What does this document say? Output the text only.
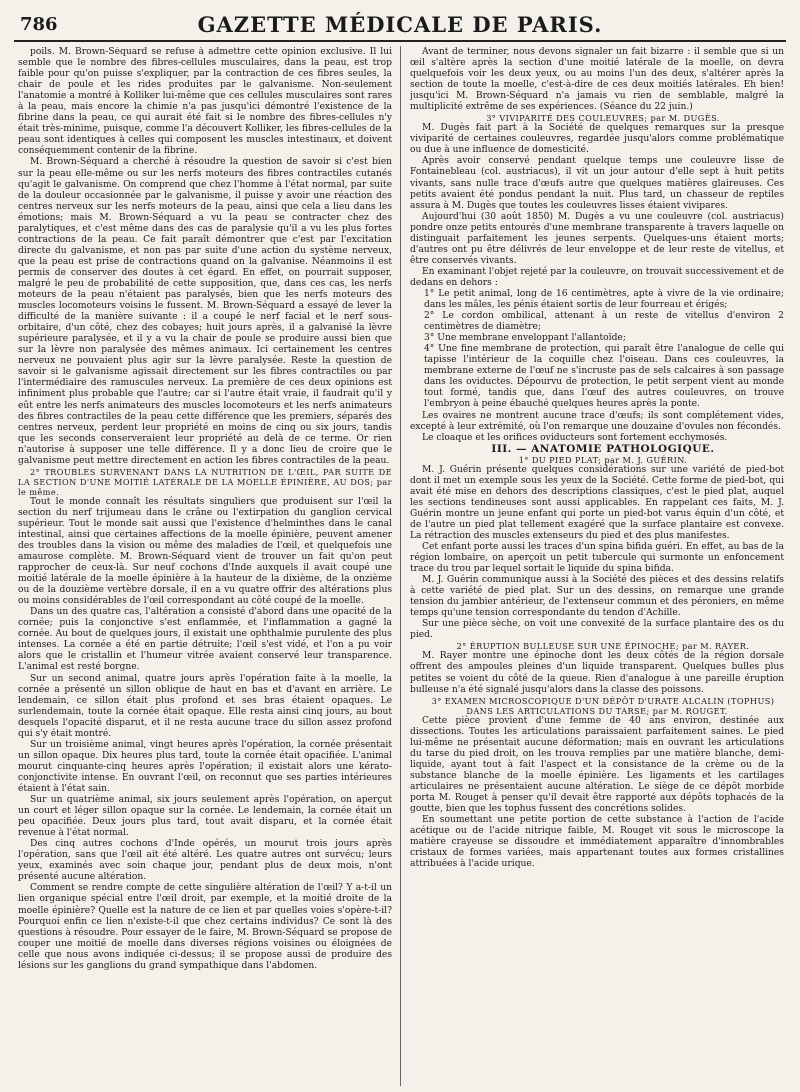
786	GAZETTE MÉDICALE DE PARIS.

poils. M. Brown-Séquard se refuse à admettre cette opinion exclusive. Il lui semble que le nombre des fibres-cellules musculaires, dans la peau, est trop faible pour qu'on puisse s'expliquer, par la contraction de ces fibres seules, la chair de poule et les rides produites par le galvanisme. Non-seulement l'anatomie a montré à Kolliker lui-même que ces cellules musculaires sont rares à la peau, mais encore la chimie n'a pas jusqu'ici démontré l'existence de la fibrine dans la peau, ce qui aurait été fait si le nombre des fibres-cellules n'y était très-minime, puisque, comme l'a découvert Kolliker, les fibres-cellules de la peau sont identiques à celles qui composent les muscles intestinaux, et doivent conséquemment contenir de la fibrine.

M. Brown-Séquard a cherché à résoudre la question de savoir si c'est bien sur la peau elle-même ou sur les nerfs moteurs des fibres contractiles cutanés qu'agit le galvanisme. On comprend que chez l'homme à l'état normal, par suite de la douleur occasionnée par le galvanisme, il puisse y avoir une réaction des centres nerveux sur les nerfs moteurs de la peau, ainsi que cela a lieu dans les émotions; mais M. Brown-Séquard a vu la peau se contracter chez des paralytiques, et c'est même dans des cas de paralysie qu'il a vu les plus fortes contractions de la peau. Ce fait paraît démontrer que c'est par l'excitation directe du galvanisme, et non pas par suite d'une action du système nerveux, que la peau est prise de contractions quand on la galvanise. Néanmoins il est permis de conserver des doutes à cet égard. En effet, on pourrait supposer, malgré le peu de probabilité de cette supposition, que, dans ces cas, les nerfs moteurs de la peau n'étaient pas paralysés, bien que les nerfs moteurs des muscles locomoteurs voisins le fussent. M. Brown-Séquard a essayé de lever la difficulté de la manière suivante : il a coupé le nerf facial et le nerf sous-orbitaire, d'un côté, chez des cobayes; huit jours après, il a galvanisé la lèvre supérieure paralysée, et il y a vu la chair de poule se produire aussi bien que sur la lèvre non paralysée des mêmes animaux. Ici certainement les centres nerveux ne pouvaient plus agir sur la lèvre paralysée. Reste la question de savoir si le galvanisme agissait directement sur les fibres contractiles ou par l'intermédiaire des ramuscules nerveux. La première de ces deux opinions est infiniment plus probable que l'autre; car si l'autre était vraie, il faudrait qu'il y eût entre les nerfs animateurs des muscles locomoteurs et les nerfs animateurs des fibres contractiles de la peau cette différence que les premiers, séparés des centres nerveux, perdent leur propriété en moins de cinq ou six jours, tandis que les seconds conserveraient leur propriété au delà de ce terme. Or rien n'autorise à supposer une telle différence. Il y a donc lieu de croire que le galvanisme peut mettre directement en action les fibres contractiles de la peau.

2° TROUBLES SURVENANT DANS LA NUTRITION DE L'ŒIL, PAR SUITE DE LA SECTION D'UNE MOITIÉ LATÉRALE DE LA MOELLE ÉPINIÈRE, AU DOS; par le même.

Tout le monde connaît les résultats singuliers que produisent sur l'œil la section du nerf trijumeau dans le crâne ou l'extirpation du ganglion cervical supérieur. Tout le monde sait aussi que l'existence d'helminthes dans le canal intestinal, ainsi que certaines affections de la moelle épinière, peuvent amener des troubles dans la vision ou même des maladies de l'œil, et quelquefois une amaurose complète. M. Brown-Séquard vient de trouver un fait qu'on peut rapprocher de ceux-là. Sur neuf cochons d'Inde auxquels il avait coupé une moitié latérale de la moelle épinière à la hauteur de la dixième, de la onzième ou de la douzième vertèbre dorsale, il en a vu quatre offrir des altérations plus ou moins considérables de l'œil correspondant au côté coupé de la moelle.

Dans un des quatre cas, l'altération a consisté d'abord dans une opacité de la cornée; puis la conjonctive s'est enflammée, et l'inflammation a gagné la cornée. Au bout de quelques jours, il existait une ophthalmie purulente des plus intenses. La cornée a été en partie détruite; l'œil s'est vidé, et l'on a pu voir alors que le cristallin et l'humeur vitrée avaient conservé leur transparence. L'animal est resté borgne.

Sur un second animal, quatre jours après l'opération faite à la moelle, la cornée a présenté un sillon oblique de haut en bas et d'avant en arrière. Le lendemain, ce sillon était plus profond et ses bras étaient opaques. Le surlendemain, toute la cornée était opaque. Elle resta ainsi cinq jours, au bout desquels l'opacité disparut, et il ne resta aucune trace du sillon assez profond qui s'y était montré.

Sur un troisième animal, vingt heures après l'opération, la cornée présentait un sillon opaque. Dix heures plus tard, toute la cornée était opacifiée. L'animal mourut cinquante-cinq heures après l'opération; il existait alors une kérato-conjonctivite intense. En ouvrant l'œil, on reconnut que ses parties intérieures étaient à l'état sain.

Sur un quatrième animal, six jours seulement après l'opération, on aperçut un court et léger sillon opaque sur la cornée. Le lendemain, la cornée était un peu opacifiée. Deux jours plus tard, tout avait disparu, et la cornée était revenue à l'état normal.

Des cinq autres cochons d'Inde opérés, un mourut trois jours après l'opération, sans que l'œil ait été altéré. Les quatre autres ont survécu; leurs yeux, examinés avec soin chaque jour, pendant plus de deux mois, n'ont présenté aucune altération.

Comment se rendre compte de cette singulière altération de l'œil? Y a-t-il un lien organique spécial entre l'œil droit, par exemple, et la moitié droite de la moelle épinière? Quelle est la nature de ce lien et par quelles voies s'opère-t-il? Pourquoi enfin ce lien n'existe-t-il que chez certains individus? Ce sont là des questions à résoudre. Pour essayer de le faire, M. Brown-Séquard se propose de couper une moitié de moelle dans diverses régions voisines ou éloignées de celle que nous avons indiquée ci-dessus; il se propose aussi de produire des lésions sur les ganglions du grand sympathique dans l'abdomen.

Avant de terminer, nous devons signaler un fait bizarre : il semble que si un œil s'altère après la section d'une moitié latérale de la moelle, on devra quelquefois voir les deux yeux, ou au moins l'un des deux, s'altérer après la section de toute la moelle, c'est-à-dire de ces deux moitiés latérales. Eh bien! jusqu'ici M. Brown-Séquard n'a jamais vu rien de semblable, malgré la multiplicité extrême de ses expériences. (Séance du 22 juin.)

3° VIVIPARITÉ DES COULEUVRES; par M. DUGÈS.

M. Dugès fait part à la Société de quelques remarques sur la presque viviparité de certaines couleuvres, regardée jusqu'alors comme problématique ou due à une influence de domesticité.

Après avoir conservé pendant quelque temps une couleuvre lisse de Fontainebleau (col. austriacus), il vit un jour autour d'elle sept à huit petits vivants, sans nulle trace d'œufs autre que quelques matières glaireuses. Ces petits avaient été pondus pendant la nuit. Plus tard, un chasseur de reptiles assura à M. Dugès que toutes les couleuvres lisses étaient vivipares.

Aujourd'hui (30 août 1850) M. Dugès a vu une couleuvre (col. austriacus) pondre onze petits entourés d'une membrane transparente à travers laquelle on distinguait parfaitement les jeunes serpents. Quelques-uns étaient morts; d'autres ont pu être délivrés de leur enveloppe et de leur reste de vitellus, et être conservés vivants.

En examinant l'objet rejeté par la couleuvre, on trouvait successivement et de dedans en dehors :

1° Le petit animal, long de 16 centimètres, apte à vivre de la vie ordinaire; dans les mâles, les pénis étaient sortis de leur fourreau et érigés;

2° Le cordon ombilical, attenant à un reste de vitellus d'environ 2 centimètres de diamètre;

3° Une membrane enveloppant l'allantoïde;

4° Une fine membrane de protection, qui paraît être l'analogue de celle qui tapisse l'intérieur de la coquille chez l'oiseau. Dans ces couleuvres, la membrane externe de l'œuf ne s'incruste pas de sels calcaires à son passage dans les oviductes. Dépourvu de protection, le petit serpent vient au monde tout formé, tandis que, dans l'œuf des autres couleuvres, on trouve l'embryon à peine ébauché quelques heures après la ponte.

Les ovaires ne montrent aucune trace d'œufs; ils sont complétement vides, excepté à leur extrémité, où l'on remarque une douzaine d'ovules non fécondés.

Le cloaque et les orifices oviducteurs sont fortement ecchymosés.

III. — ANATOMIE PATHOLOGIQUE.

1° DU PIED PLAT; par M. J. GUÉRIN.

M. J. Guérin présente quelques considérations sur une variété de pied-bot dont il met un exemple sous les yeux de la Société. Cette forme de pied-bot, qui avait été mise en dehors des descriptions classiques, c'est le pied plat, auquel les sections tendineuses sont aussi applicables. En rappelant ces faits, M. J. Guérin montre un jeune enfant qui porte un pied-bot varus équin d'un côté, et de l'autre un pied plat tellement exagéré que la surface plantaire est convexe. La rétraction des muscles extenseurs du pied et des plus manifestes.

Cet enfant porte aussi les traces d'un spina bifida guéri. En effet, au bas de la région lombaire, on aperçoit un petit tubercule qui surmonte un enfoncement trace du trou par lequel sortait le liquide du spina bifida.

M. J. Guérin communique aussi à la Société des pièces et des dessins relatifs à cette variété de pied plat. Sur un des dessins, on remarque une grande tension du jambier antérieur, de l'extenseur commun et des péroniers, en même temps qu'une tension correspondante du tendon d'Achille.

Sur une pièce sèche, on voit une convexité de la surface plantaire des os du pied.

2° ÉRUPTION BULLEUSE SUR UNE ÉPINOCHE; par M. RAYER.

M. Rayer montre une épinoche dont les deux côtés de la région dorsale offrent des ampoules pleines d'un liquide transparent. Quelques bulles plus petites se voient du côté de la queue. Rien d'analogue à une pareille éruption bulleuse n'a été signalé jusqu'alors dans la classe des poissons.

3° EXAMEN MICROSCOPIQUE D'UN DÉPÔT D'URATE ALCALIN (TOPHUS) DANS LES ARTICULATIONS DU TARSE; par M. ROUGET.

Cette pièce provient d'une femme de 40 ans environ, destinée aux dissections. Toutes les articulations paraissaient parfaitement saines. Le pied lui-même ne présentait aucune déformation; mais en ouvrant les articulations du tarse du pied droit, on les trouva remplies par une matière blanche, demi-liquide, ayant tout à fait l'aspect et la consistance de la crème ou de la substance blanche de la moelle épinière. Les ligaments et les cartilages articulaires ne présentaient aucune altération. Le siège de ce dépôt morbide porta M. Rouget à penser qu'il devait être rapporté aux dépôts tophacés de la goutte, bien que les tophus fussent des concrétions solides.

En soumettant une petite portion de cette substance à l'action de l'acide acétique ou de l'acide nitrique faible, M. Rouget vit sous le microscope la matière crayeuse se dissoudre et immédiatement apparaître d'innombrables cristaux de formes variées, mais appartenant toutes aux formes cristallines attribuées à l'acide urique.
